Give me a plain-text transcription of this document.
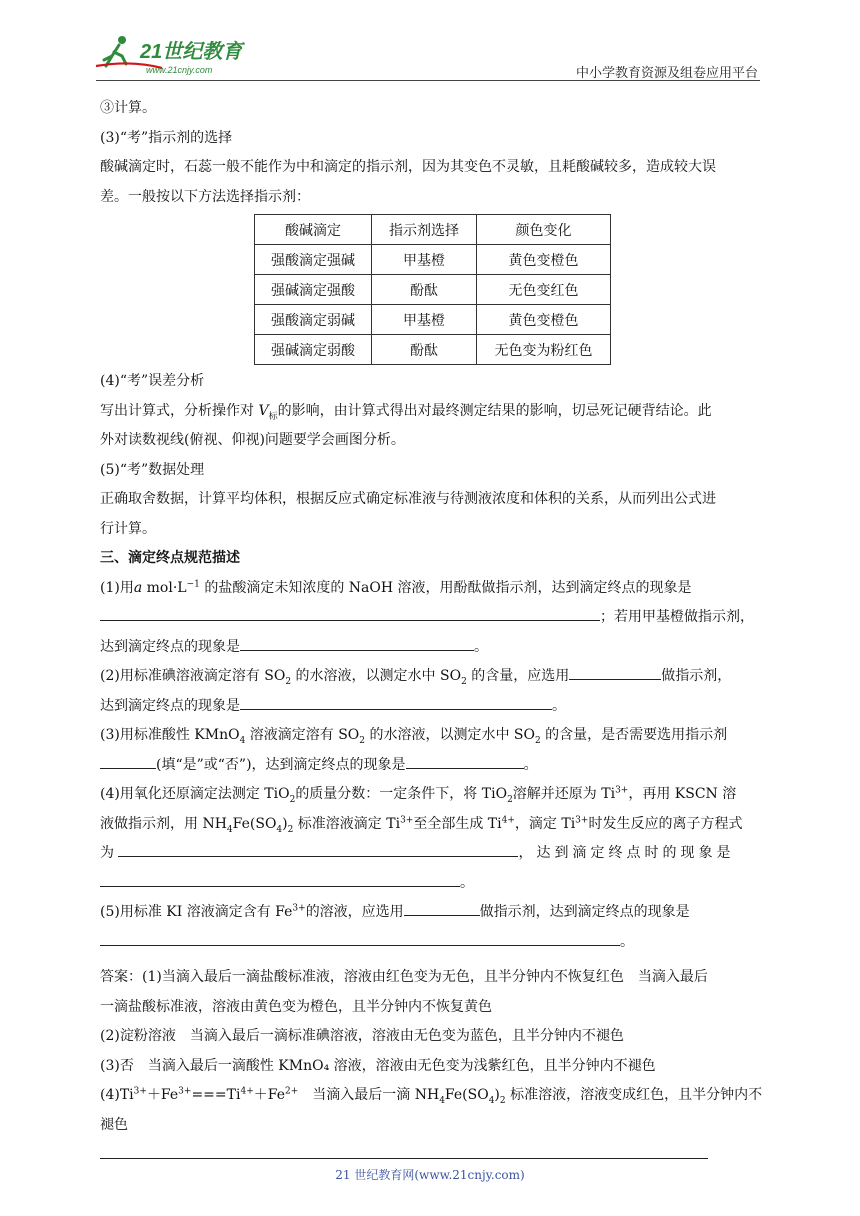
21世纪教育
www.21cnjy.com	中小学教育资源及组卷应用平台
③计算。
(3)“考”指示剂的选择
酸碱滴定时，石蕊一般不能作为中和滴定的指示剂，因为其变色不灵敏，且耗酸碱较多，造成较大误
差。一般按以下方法选择指示剂：
酸碱滴定	指示剂选择	颜色变化
强酸滴定强碱	甲基橙	黄色变橙色
强碱滴定强酸	酚酞	无色变红色
强酸滴定弱碱	甲基橙	黄色变橙色
强碱滴定弱酸	酚酞	无色变为粉红色
(4)“考”误差分析
写出计算式，分析操作对 $V_标$的影响，由计算式得出对最终测定结果的影响，切忌死记硬背结论。此
外对读数视线(俯视、仰视)问题要学会画图分析。
(5)“考”数据处理
正确取舍数据，计算平均体积，根据反应式确定标准液与待测液浓度和体积的关系，从而列出公式进
行计算。
三、滴定终点规范描述
(1)用a $mol\cdot L^{-1}$ 的盐酸滴定未知浓度的 NaOH 溶液，用酚酞做指示剂，达到滴定终点的现象是
；若用甲基橙做指示剂，
达到滴定终点的现象是	。
(2)用标准碘溶液滴定溶有 $SO_2$ 的水溶液，以测定水中 $SO_2$ 的含量，应选用	做指示剂，
达到滴定终点的现象是	。
(3)用标准酸性 KMnO$_4$ 溶液滴定溶有 $SO_2$ 的水溶液，以测定水中 $SO_2$ 的含量，是否需要选用指示剂
(填“是”或“否”)，达到滴定终点的现象是	。
(4)用氧化还原滴定法测定 TiO$_2$的质量分数：一定条件下，将 TiO$_2$溶解并还原为 $Ti^{3+}$，再用 KSCN 溶
液做指示剂，用 $NH_4Fe(SO_4)_2$ 标准溶液滴定 $Ti^{3+}$至全部生成 $Ti^{4+}$，滴定 $Ti^{3+}$时发生反应的离子方程式
为	，达到滴定终点时的现象是
。
(5)用标准 KI 溶液滴定含有 $Fe^{3+}$的溶液，应选用	做指示剂，达到滴定终点的现象是
。
答案：(1)当滴入最后一滴盐酸标准液，溶液由红色变为无色，且半分钟内不恢复红色　当滴入最后
一滴盐酸标准液，溶液由黄色变为橙色，且半分钟内不恢复黄色
(2)淀粉溶液　当滴入最后一滴标准碘溶液，溶液由无色变为蓝色，且半分钟内不褪色
(3)否　当滴入最后一滴酸性 KMnO₄ 溶液，溶液由无色变为浅紫红色，且半分钟内不褪色
$(4)Ti^{3+}+Fe^{3+}===Ti^{4+}+Fe^{2+}$　当滴入最后一滴 $NH_4Fe(SO_4)_2$ 标准溶液，溶液变成红色，且半分钟内不
褪色
21 世纪教育网(www.21cnjy.com)
